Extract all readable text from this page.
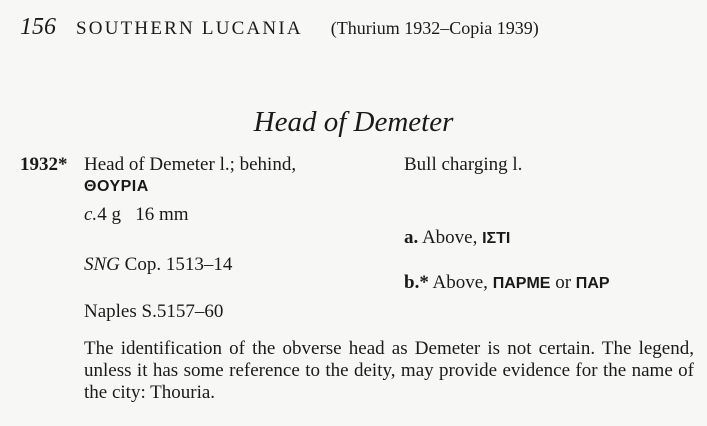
156 SOUTHERN LUCANIA (Thurium 1932–Copia 1939)
Head of Demeter
1932* Head of Demeter l.; behind,
ΘΟΥΡΙΑ
c.4 g 16 mm
SNG Cop. 1513–14
Naples S.5157–60
Bull charging l.
a. Above, ΙΣΤΙ
b.* Above, ΠΑΡΜΕ or ΠΑΡ
The identification of the obverse head as Demeter is not certain. The legend, unless it has some reference to the deity, may provide evidence for the name of the city: Thouria.
